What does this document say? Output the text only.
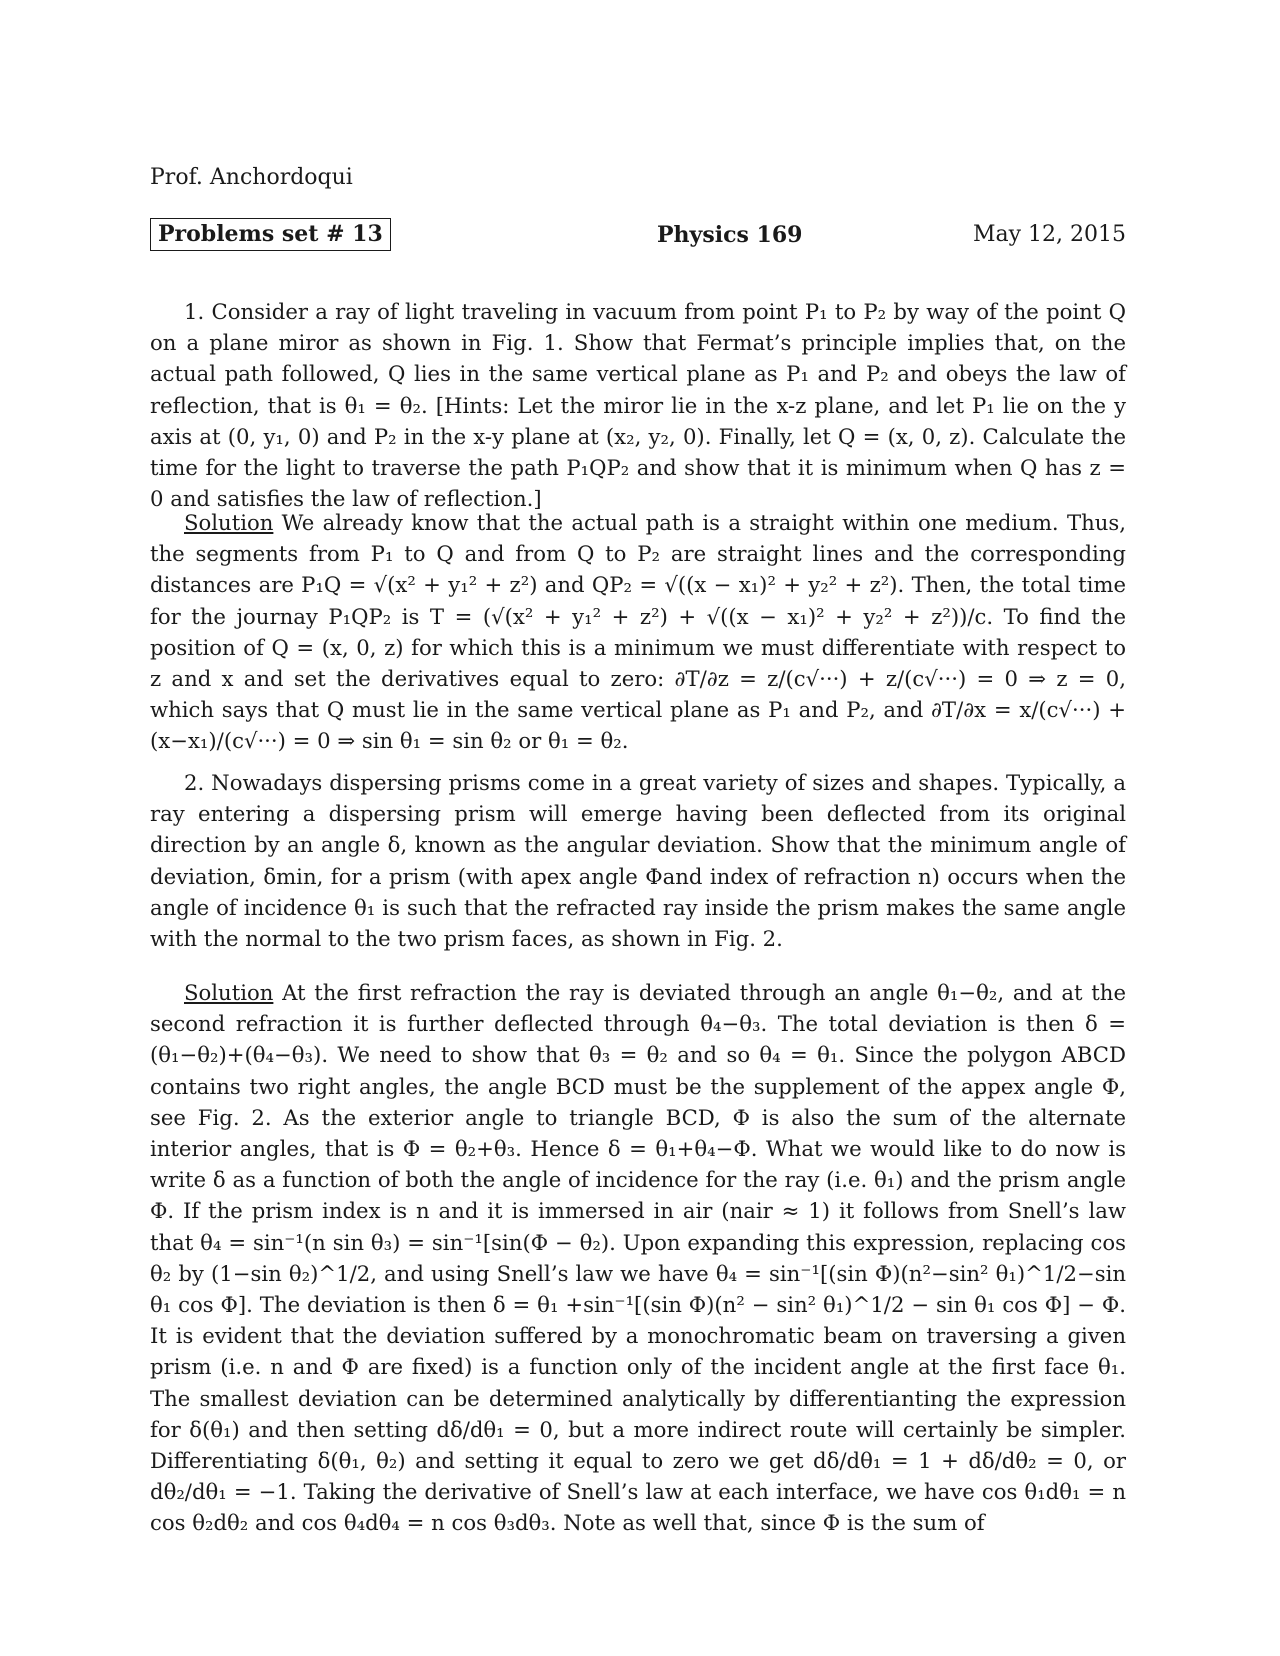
Prof. Anchordoqui
Problems set # 13	Physics 169	May 12, 2015

1. Consider a ray of light traveling in vacuum from point P₁ to P₂ by way of the point Q on a plane miror as shown in Fig. 1. Show that Fermat’s principle implies that, on the actual path followed, Q lies in the same vertical plane as P₁ and P₂ and obeys the law of reflection, that is θ₁ = θ₂. [Hints: Let the miror lie in the x-z plane, and let P₁ lie on the y axis at (0, y₁, 0) and P₂ in the x-y plane at (x₂, y₂, 0). Finally, let Q = (x, 0, z). Calculate the time for the light to traverse the path P₁QP₂ and show that it is minimum when Q has z = 0 and satisfies the law of reflection.]

Solution We already know that the actual path is a straight within one medium. Thus, the segments from P₁ to Q and from Q to P₂ are straight lines and the corresponding distances are P₁Q = √(x² + y₁² + z²) and QP₂ = √((x − x₁)² + y₂² + z²). Then, the total time for the journay P₁QP₂ is T = (√(x² + y₁² + z²) + √((x − x₁)² + y₂² + z²))/c. To find the position of Q = (x, 0, z) for which this is a minimum we must differentiate with respect to z and x and set the derivatives equal to zero: ∂T/∂z = z/(c√···) + z/(c√···) = 0 ⇒ z = 0, which says that Q must lie in the same vertical plane as P₁ and P₂, and ∂T/∂x = x/(c√···) + (x−x₁)/(c√···) = 0 ⇒ sin θ₁ = sin θ₂ or θ₁ = θ₂.

2. Nowadays dispersing prisms come in a great variety of sizes and shapes. Typically, a ray entering a dispersing prism will emerge having been deflected from its original direction by an angle δ, known as the angular deviation. Show that the minimum angle of deviation, δmin, for a prism (with apex angle Φand index of refraction n) occurs when the angle of incidence θ₁ is such that the refracted ray inside the prism makes the same angle with the normal to the two prism faces, as shown in Fig. 2.

Solution At the first refraction the ray is deviated through an angle θ₁−θ₂, and at the second refraction it is further deflected through θ₄−θ₃. The total deviation is then δ = (θ₁−θ₂)+(θ₄−θ₃). We need to show that θ₃ = θ₂ and so θ₄ = θ₁. Since the polygon ABCD contains two right angles, the angle BCD must be the supplement of the appex angle Φ, see Fig. 2. As the exterior angle to triangle BCD, Φ is also the sum of the alternate interior angles, that is Φ = θ₂+θ₃. Hence δ = θ₁+θ₄−Φ. What we would like to do now is write δ as a function of both the angle of incidence for the ray (i.e. θ₁) and the prism angle Φ. If the prism index is n and it is immersed in air (nair ≈ 1) it follows from Snell’s law that θ₄ = sin⁻¹(n sin θ₃) = sin⁻¹[sin(Φ − θ₂). Upon expanding this expression, replacing cos θ₂ by (1−sin θ₂)^1/2, and using Snell’s law we have θ₄ = sin⁻¹[(sin Φ)(n²−sin² θ₁)^1/2−sin θ₁ cos Φ]. The deviation is then δ = θ₁ +sin⁻¹[(sin Φ)(n² − sin² θ₁)^1/2 − sin θ₁ cos Φ] − Φ. It is evident that the deviation suffered by a monochromatic beam on traversing a given prism (i.e. n and Φ are fixed) is a function only of the incident angle at the first face θ₁. The smallest deviation can be determined analytically by differentianting the expression for δ(θ₁) and then setting dδ/dθ₁ = 0, but a more indirect route will certainly be simpler. Differentiating δ(θ₁, θ₂) and setting it equal to zero we get dδ/dθ₁ = 1 + dδ/dθ₂ = 0, or dθ₂/dθ₁ = −1. Taking the derivative of Snell’s law at each interface, we have cos θ₁dθ₁ = n cos θ₂dθ₂ and cos θ₄dθ₄ = n cos θ₃dθ₃. Note as well that, since Φ is the sum of
